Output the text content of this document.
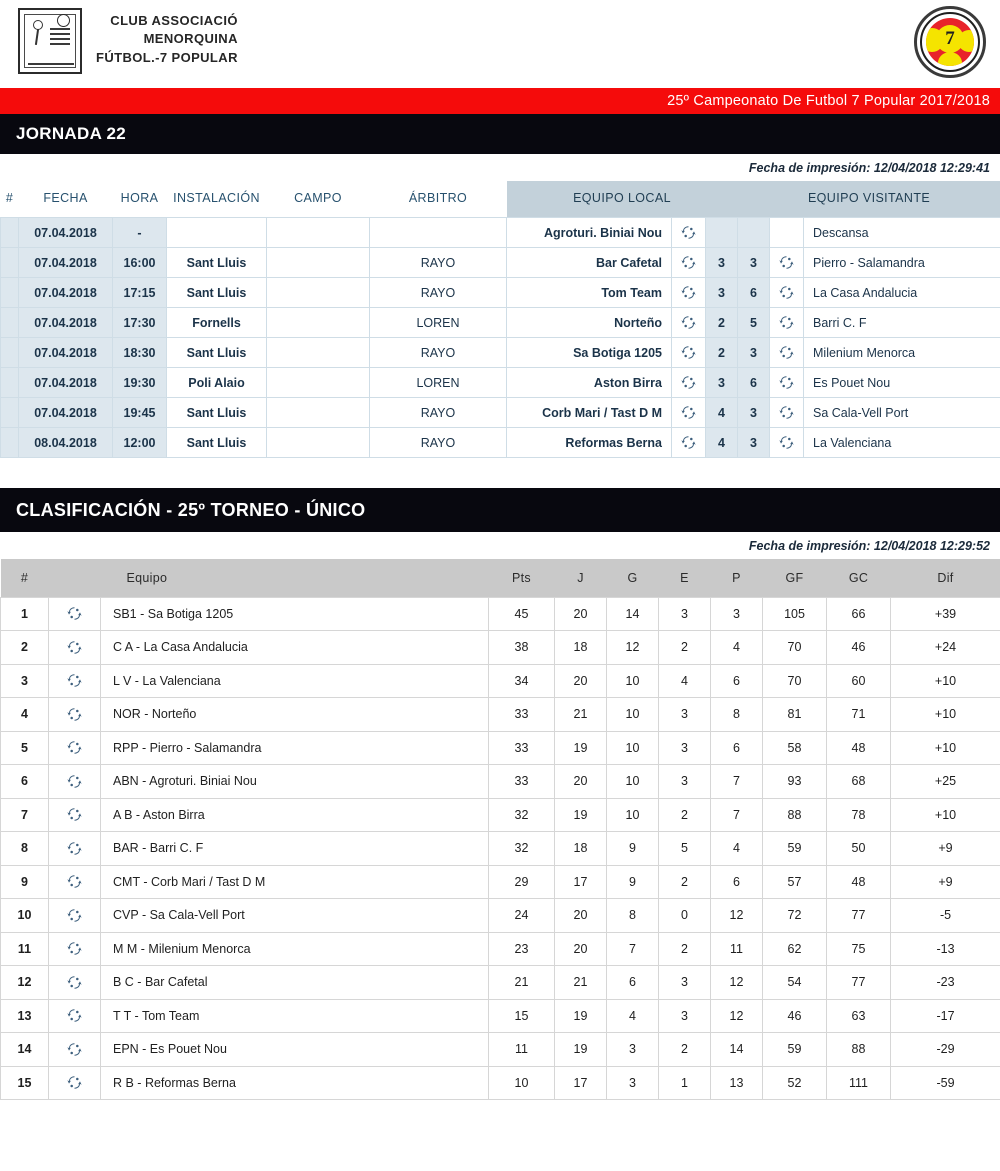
CLUB ASSOCIACIÓ
MENORQUINA
FÚTBOL.-7 POPULAR
7
25º Campeonato De Futbol 7 Popular 2017/2018
JORNADA 22
Fecha de impresión: 12/04/2018 12:29:41
#	FECHA	HORA	INSTALACIÓN	CAMPO	ÁRBITRO	EQUIPO LOCAL			EQUIPO VISITANTE		
	07.04.2018	-				Agroturi. Biniai Nou					Descansa
	07.04.2018	16:00	Sant Lluis		RAYO	Bar Cafetal		3	3		Pierro - Salamandra
	07.04.2018	17:15	Sant Lluis		RAYO	Tom Team		3	6		La Casa Andalucia
	07.04.2018	17:30	Fornells		LOREN	Norteño		2	5		Barri C. F
	07.04.2018	18:30	Sant Lluis		RAYO	Sa Botiga 1205		2	3		Milenium Menorca
	07.04.2018	19:30	Poli Alaio		LOREN	Aston Birra		3	6		Es Pouet Nou
	07.04.2018	19:45	Sant Lluis		RAYO	Corb Mari / Tast D M		4	3		Sa Cala-Vell Port
	08.04.2018	12:00	Sant Lluis		RAYO	Reformas Berna		4	3		La Valenciana
CLASIFICACIÓN - 25º TORNEO - ÚNICO
Fecha de impresión: 12/04/2018 12:29:52
#		Equipo	Pts	J	G	E	P	GF	GC	Dif
1		SB1 - Sa Botiga 1205	45	20	14	3	3	105	66	+39
2		C A - La Casa Andalucia	38	18	12	2	4	70	46	+24
3		L V - La Valenciana	34	20	10	4	6	70	60	+10
4		NOR - Norteño	33	21	10	3	8	81	71	+10
5		RPP - Pierro - Salamandra	33	19	10	3	6	58	48	+10
6		ABN - Agroturi. Biniai Nou	33	20	10	3	7	93	68	+25
7		A B - Aston Birra	32	19	10	2	7	88	78	+10
8		BAR - Barri C. F	32	18	9	5	4	59	50	+9
9		CMT - Corb Mari / Tast D M	29	17	9	2	6	57	48	+9
10		CVP - Sa Cala-Vell Port	24	20	8	0	12	72	77	-5
11		M M - Milenium Menorca	23	20	7	2	11	62	75	-13
12		B C - Bar Cafetal	21	21	6	3	12	54	77	-23
13		T T - Tom Team	15	19	4	3	12	46	63	-17
14		EPN - Es Pouet Nou	11	19	3	2	14	59	88	-29
15		R B - Reformas Berna	10	17	3	1	13	52	111	-59
